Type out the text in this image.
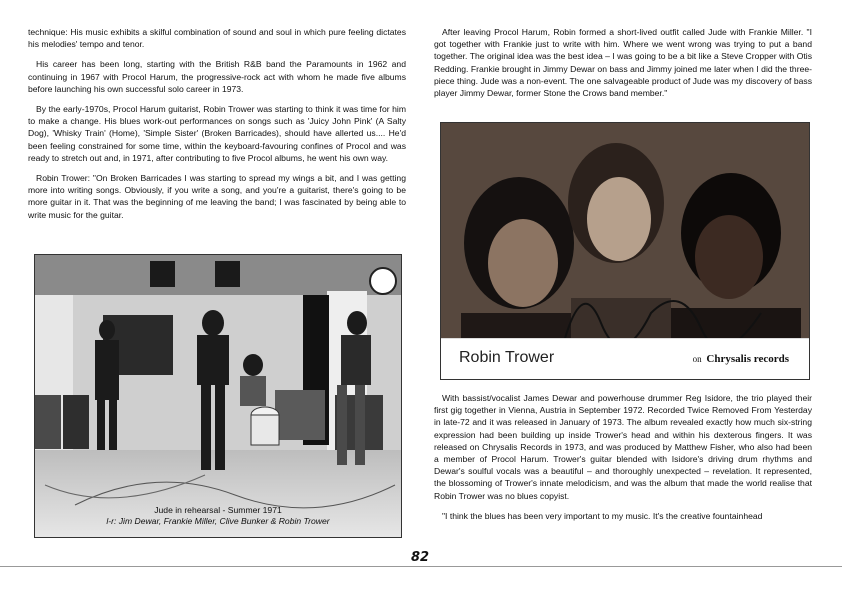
technique: His music exhibits a skilful combination of sound and soul in which pure feeling dictates his melodies' tempo and tenor.

His career has been long, starting with the British R&B band the Paramounts in 1962 and continuing in 1967 with Procol Harum, the progressive-rock act with whom he made five albums before launching his own successful solo career in 1973.

By the early-1970s, Procol Harum guitarist, Robin Trower was starting to think it was time for him to make a change. His blues work-out performances on songs such as 'Juicy John Pink' (A Salty Dog), 'Whisky Train' (Home), 'Simple Sister' (Broken Barricades), should have allerted us.... He'd been feeling constrained for some time, within the keyboard-favouring confines of Procol and was ready to stretch out and, in 1971, after contributing to five Procol albums, he went his own way.

Robin Trower: "On Broken Barricades I was starting to spread my wings a bit, and I was getting more into writing songs. Obviously, if you write a song, and you're a guitarist, there's going to be more guitar in it. That was the beginning of me leaving the band; I was fascinated by being able to write music for the guitar.

Jude in rehearsal - Summer 1971
l-r: Jim Dewar, Frankie Miller, Clive Bunker & Robin Trower

After leaving Procol Harum, Robin formed a short-lived outfit called Jude with Frankie Miller. "I got together with Frankie just to write with him. Where we went wrong was trying to put a band together. The original idea was the best idea – I was going to be a bit like a Steve Cropper with Otis Redding. Frankie brought in Jimmy Dewar on bass and Jimmy joined me later when I did the three-piece thing. Jude was a non-event. The one salvageable product of Jude was my discovery of bass player Jimmy Dewar, former Stone the Crows band member."

Robin Trower	on Chrysalis records

With bassist/vocalist James Dewar and powerhouse drummer Reg Isidore, the trio played their first gig together in Vienna, Austria in September 1972. Recorded Twice Removed From Yesterday in late-72 and it was released in January of 1973. The album revealed exactly how much six-string expression had been building up inside Trower's head and within his dexterous fingers. It was released on Chrysalis Records in 1973, and was produced by Matthew Fisher, who also had been a member of Procol Harum. Trower's guitar blended with Isidore's driving drum rhythms and Dewar's soulful vocals was a beautiful – and thoroughly unexpected – revelation. It represented, the blossoming of Trower's innate melodicism, and was the album that made the world realise that Robin Trower was no blues copyist.

"I think the blues has been very important to my music. It's the creative fountainhead

82
